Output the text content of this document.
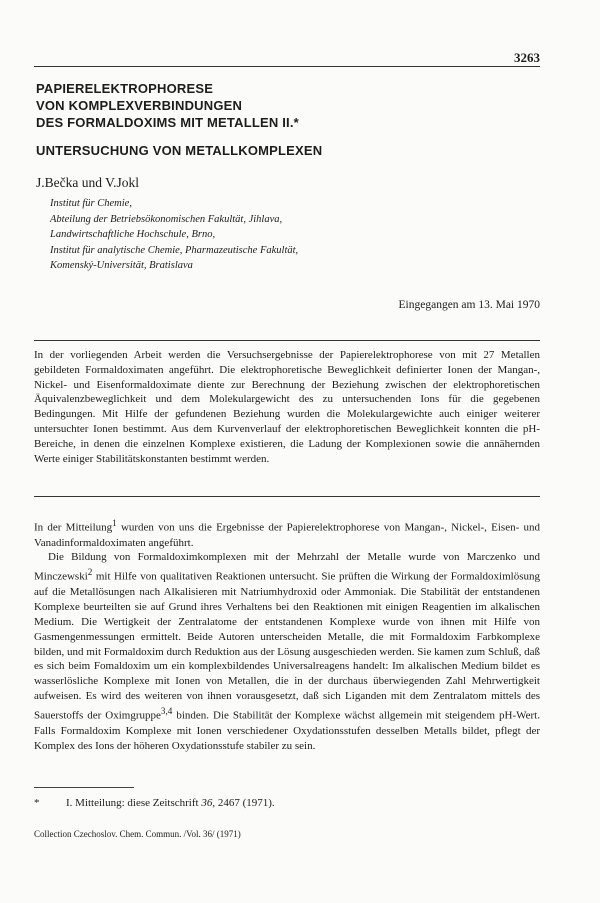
3263
PAPIERELEKTROPHORESE
VON KOMPLEXVERBINDUNGEN
DES FORMALDOXIMS MIT METALLEN II.*
UNTERSUCHUNG VON METALLKOMPLEXEN
J.Bečka und V.Jokl
Institut für Chemie,
Abteilung der Betriebsökonomischen Fakultät, Jihlava,
Landwirtschaftliche Hochschule, Brno,
Institut für analytische Chemie, Pharmazeutische Fakultät,
Komenský-Universität, Bratislava
Eingegangen am 13. Mai 1970
In der vorliegenden Arbeit werden die Versuchsergebnisse der Papierelektrophorese von mit 27 Metallen gebildeten Formaldoximaten angeführt. Die elektrophoretische Beweglichkeit definierter Ionen der Mangan-, Nickel- und Eisenformaldoximate diente zur Berechnung der Beziehung zwischen der elektrophoretischen Äquivalenzbeweglichkeit und dem Molekulargewicht des zu untersuchenden Ions für die gegebenen Bedingungen. Mit Hilfe der gefundenen Beziehung wurden die Molekulargewichte auch einiger weiterer untersuchter Ionen bestimmt. Aus dem Kurvenverlauf der elektrophoretischen Beweglichkeit konnten die pH-Bereiche, in denen die einzelnen Komplexe existieren, die Ladung der Komplexionen sowie die annähernden Werte einiger Stabilitätskonstanten bestimmt werden.

In der Mitteilung$^1$ wurden von uns die Ergebnisse der Papierelektrophorese von Mangan-, Nickel-, Eisen- und Vanadinformaldoximaten angeführt.

Die Bildung von Formaldoximkomplexen mit der Mehrzahl der Metalle wurde von Marczenko und Minczewski$^2$ mit Hilfe von qualitativen Reaktionen untersucht. Sie prüften die Wirkung der Formaldoximlösung auf die Metallösungen nach Alkalisieren mit Natriumhydroxid oder Ammoniak. Die Stabilität der entstandenen Komplexe beurteilten sie auf Grund ihres Verhaltens bei den Reaktionen mit einigen Reagentien im alkalischen Medium. Die Wertigkeit der Zentralatome der entstandenen Komplexe wurde von ihnen mit Hilfe von Gasmengenmessungen ermittelt. Beide Autoren unterscheiden Metalle, die mit Formaldoxim Farbkomplexe bilden, und mit Formaldoxim durch Reduktion aus der Lösung ausgeschieden werden. Sie kamen zum Schluß, daß es sich beim Fomaldoxim um ein komplexbildendes Universalreagens handelt: Im alkalischen Medium bildet es wasserlösliche Komplexe mit Ionen von Metallen, die in der durchaus überwiegenden Zahl Mehrwertigkeit aufweisen. Es wird des weiteren von ihnen vorausgesetzt, daß sich Liganden mit dem Zentralatom mittels des Sauerstoffs der Oximgruppe$^{3,4}$ binden. Die Stabilität der Komplexe wächst allgemein mit steigendem pH-Wert. Falls Formaldoxim Komplexe mit Ionen verschiedener Oxydationsstufen desselben Metalls bildet, pflegt der Komplex des Ions der höheren Oxydationsstufe stabiler zu sein.

* I. Mitteilung: diese Zeitschrift 36, 2467 (1971).
Collection Czechoslov. Chem. Commun. /Vol. 36/ (1971)
